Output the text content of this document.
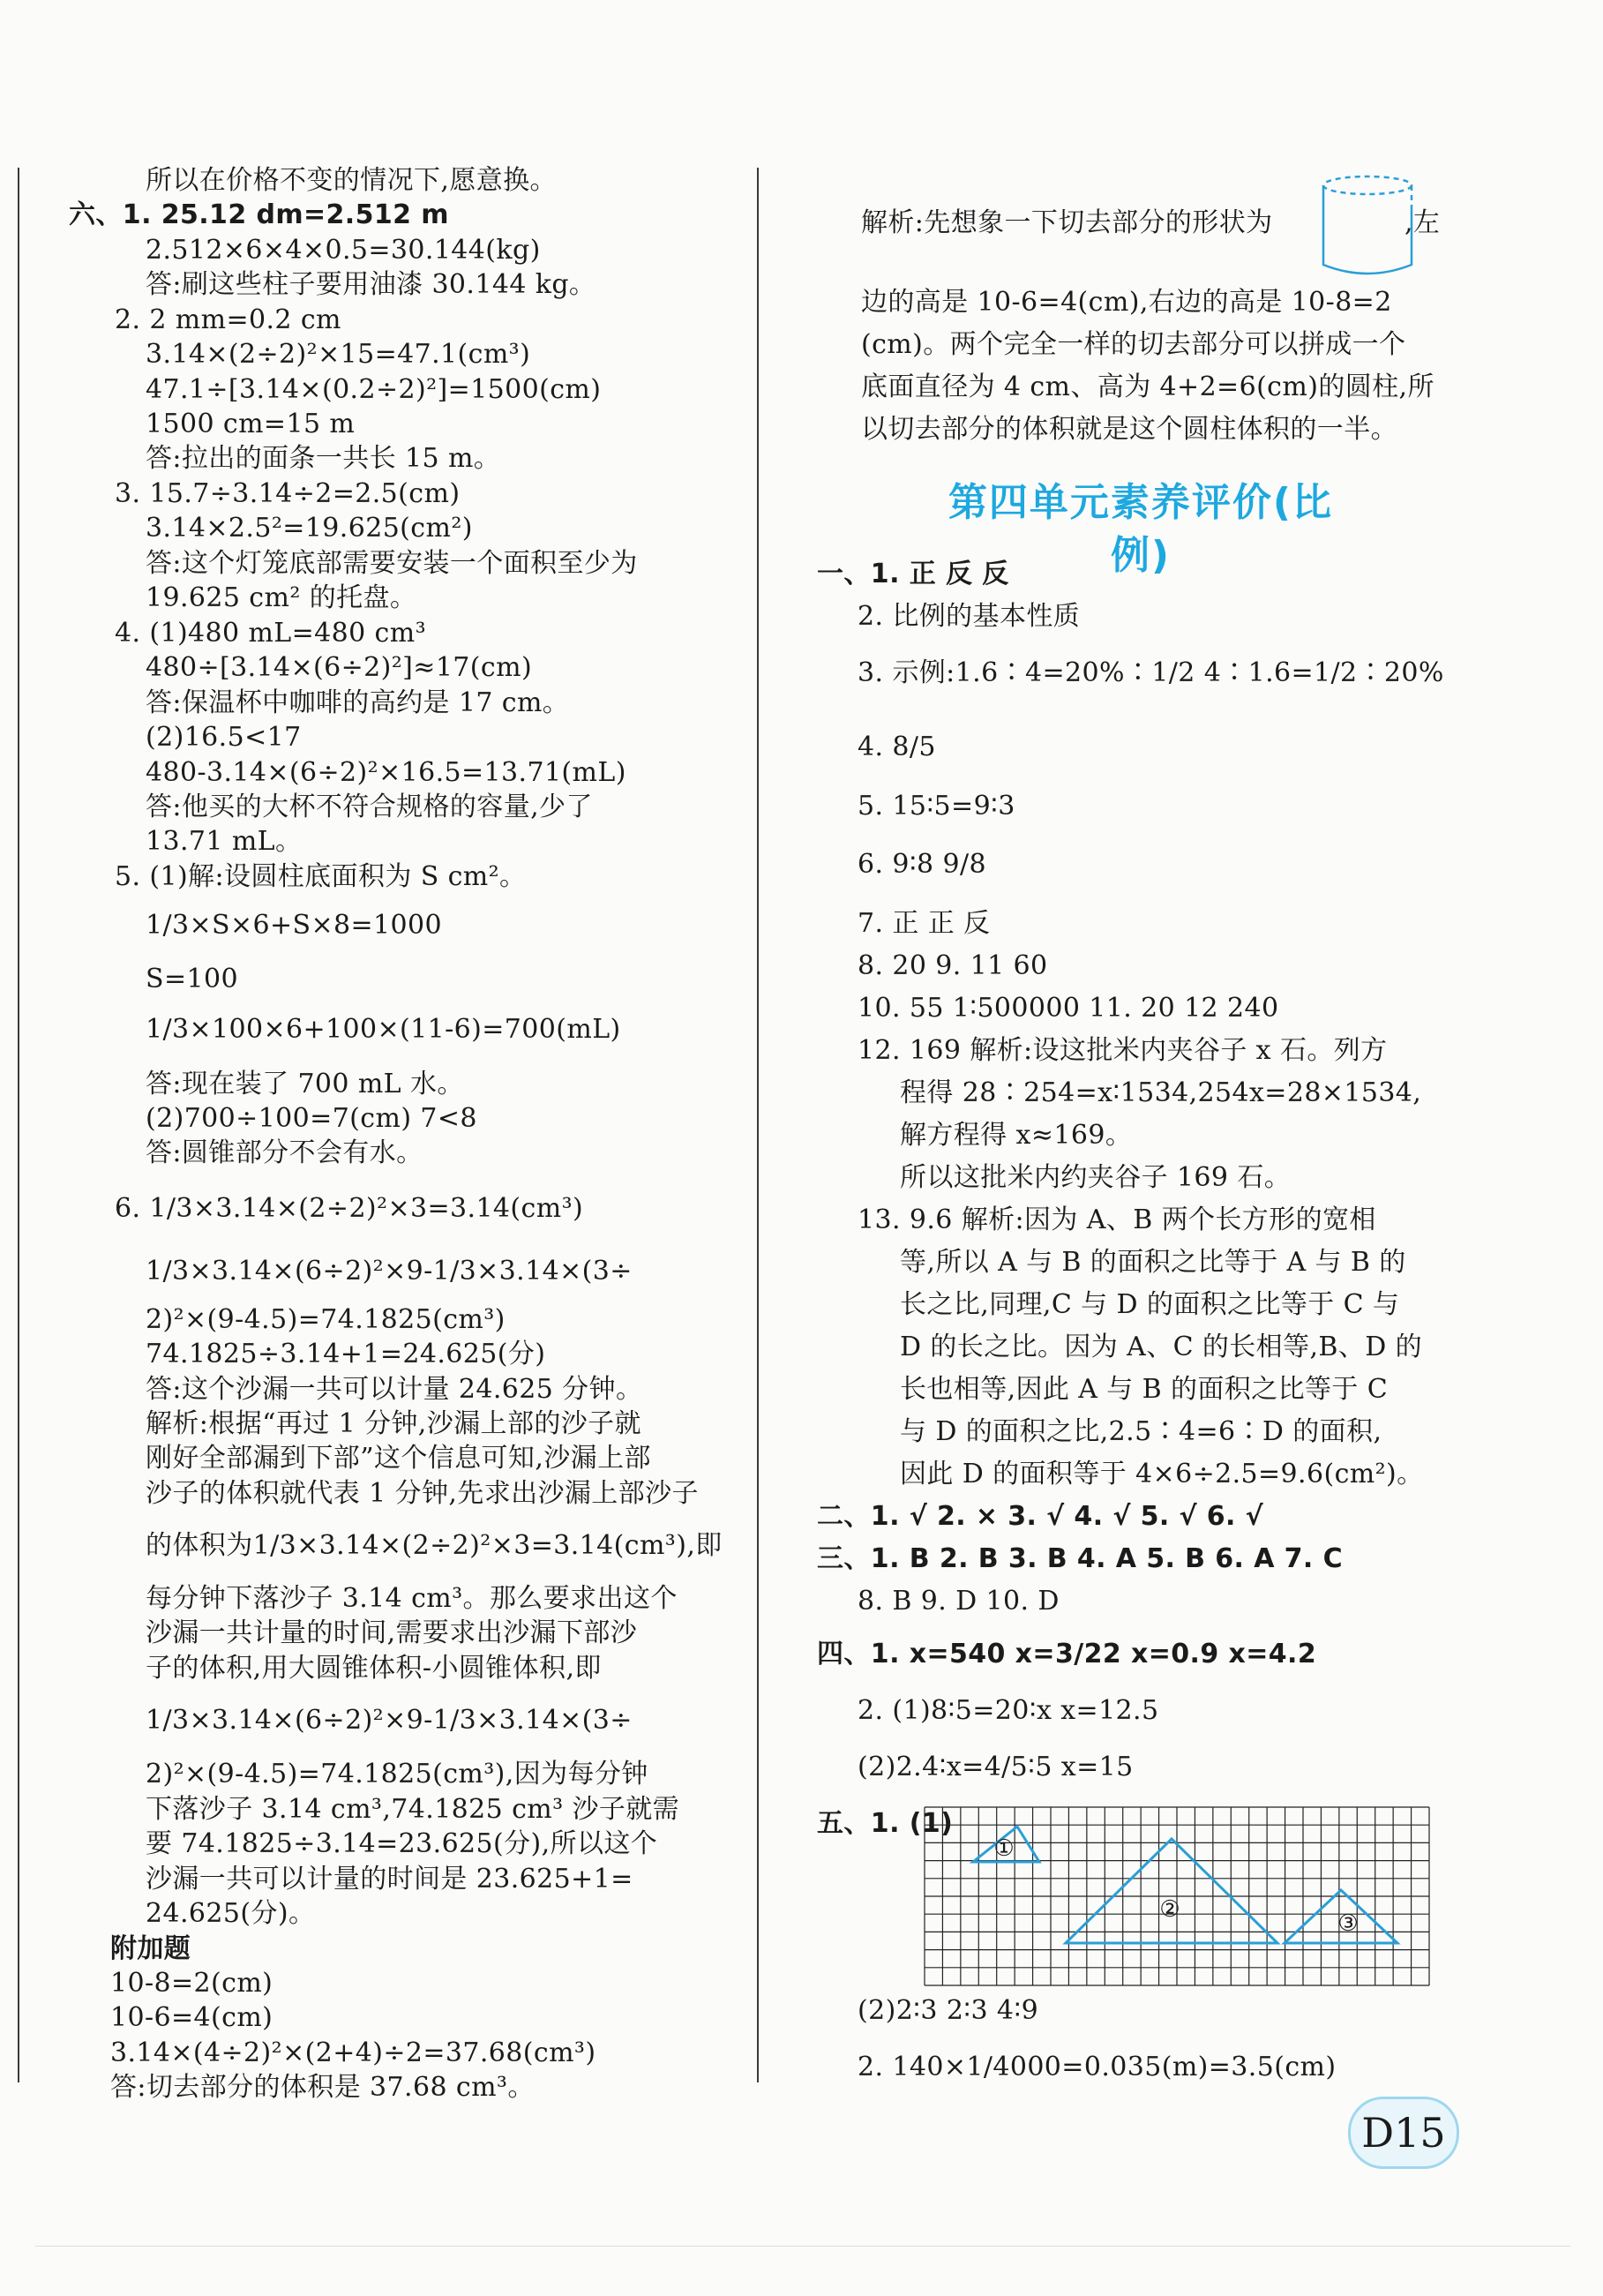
所以在价格不变的情况下,愿意换。
六、1. 25.12 dm=2.512 m
2.512×6×4×0.5=30.144(kg)
答:刷这些柱子要用油漆 30.144 kg。
2. 2 mm=0.2 cm
3.14×(2÷2)²×15=47.1(cm³)
47.1÷[3.14×(0.2÷2)²]=1500(cm)
1500 cm=15 m
答:拉出的面条一共长 15 m。
3. 15.7÷3.14÷2=2.5(cm)
3.14×2.5²=19.625(cm²)
答:这个灯笼底部需要安装一个面积至少为
19.625 cm² 的托盘。
4. (1)480 mL=480 cm³
480÷[3.14×(6÷2)²]≈17(cm)
答:保温杯中咖啡的高约是 17 cm。
(2)16.5<17
480-3.14×(6÷2)²×16.5=13.71(mL)
答:他买的大杯不符合规格的容量,少了
13.71 mL。
5. (1)解:设圆柱底面积为 S cm²。
1/3×S×6+S×8=1000
S=100
1/3×100×6+100×(11-6)=700(mL)
答:现在装了 700 mL 水。
(2)700÷100=7(cm) 7<8
答:圆锥部分不会有水。
6. 1/3×3.14×(2÷2)²×3=3.14(cm³)
1/3×3.14×(6÷2)²×9-1/3×3.14×(3÷
2)²×(9-4.5)=74.1825(cm³)
74.1825÷3.14+1=24.625(分)
答:这个沙漏一共可以计量 24.625 分钟。
解析:根据“再过 1 分钟,沙漏上部的沙子就
刚好全部漏到下部”这个信息可知,沙漏上部
沙子的体积就代表 1 分钟,先求出沙漏上部沙子
的体积为1/3×3.14×(2÷2)²×3=3.14(cm³),即
每分钟下落沙子 3.14 cm³。那么要求出这个
沙漏一共计量的时间,需要求出沙漏下部沙
子的体积,用大圆锥体积-小圆锥体积,即
1/3×3.14×(6÷2)²×9-1/3×3.14×(3÷
2)²×(9-4.5)=74.1825(cm³),因为每分钟
下落沙子 3.14 cm³,74.1825 cm³ 沙子就需
要 74.1825÷3.14=23.625(分),所以这个
沙漏一共可以计量的时间是 23.625+1=
24.625(分)。
附加题
10-8=2(cm)
10-6=4(cm)
3.14×(4÷2)²×(2+4)÷2=37.68(cm³)
答:切去部分的体积是 37.68 cm³。
解析:先想象一下切去部分的形状为	,左
边的高是 10-6=4(cm),右边的高是 10-8=2
(cm)。两个完全一样的切去部分可以拼成一个
底面直径为 4 cm、高为 4+2=6(cm)的圆柱,所
以切去部分的体积就是这个圆柱体积的一半。
一、1. 正 反 反
2. 比例的基本性质
3. 示例:1.6∶4=20%∶1/2 4∶1.6=1/2∶20%
4. 8/5
5. 15∶5=9∶3
6. 9∶8 9/8
7. 正 正 反
8. 20 9. 11 60
10. 55 1∶500000 11. 20 12 240
12. 169 解析:设这批米内夹谷子 x 石。列方
程得 28∶254=x∶1534,254x=28×1534,
解方程得 x≈169。
所以这批米内约夹谷子 169 石。
13. 9.6 解析:因为 A、B 两个长方形的宽相
等,所以 A 与 B 的面积之比等于 A 与 B 的
长之比,同理,C 与 D 的面积之比等于 C 与
D 的长之比。因为 A、C 的长相等,B、D 的
长也相等,因此 A 与 B 的面积之比等于 C
与 D 的面积之比,2.5∶4=6∶D 的面积,
因此 D 的面积等于 4×6÷2.5=9.6(cm²)。
二、1. √ 2. × 3. √ 4. √ 5. √ 6. √
三、1. B 2. B 3. B 4. A 5. B 6. A 7. C
8. B 9. D 10. D
四、1. x=540 x=3/22 x=0.9 x=4.2
2. (1)8∶5=20∶x x=12.5
(2)2.4∶x=4/5∶5 x=15
五、1. (1)
(2)2∶3 2∶3 4∶9
2. 140×1/4000=0.035(m)=3.5(cm)
第四单元素养评价(比例)
①
②
③
D15
